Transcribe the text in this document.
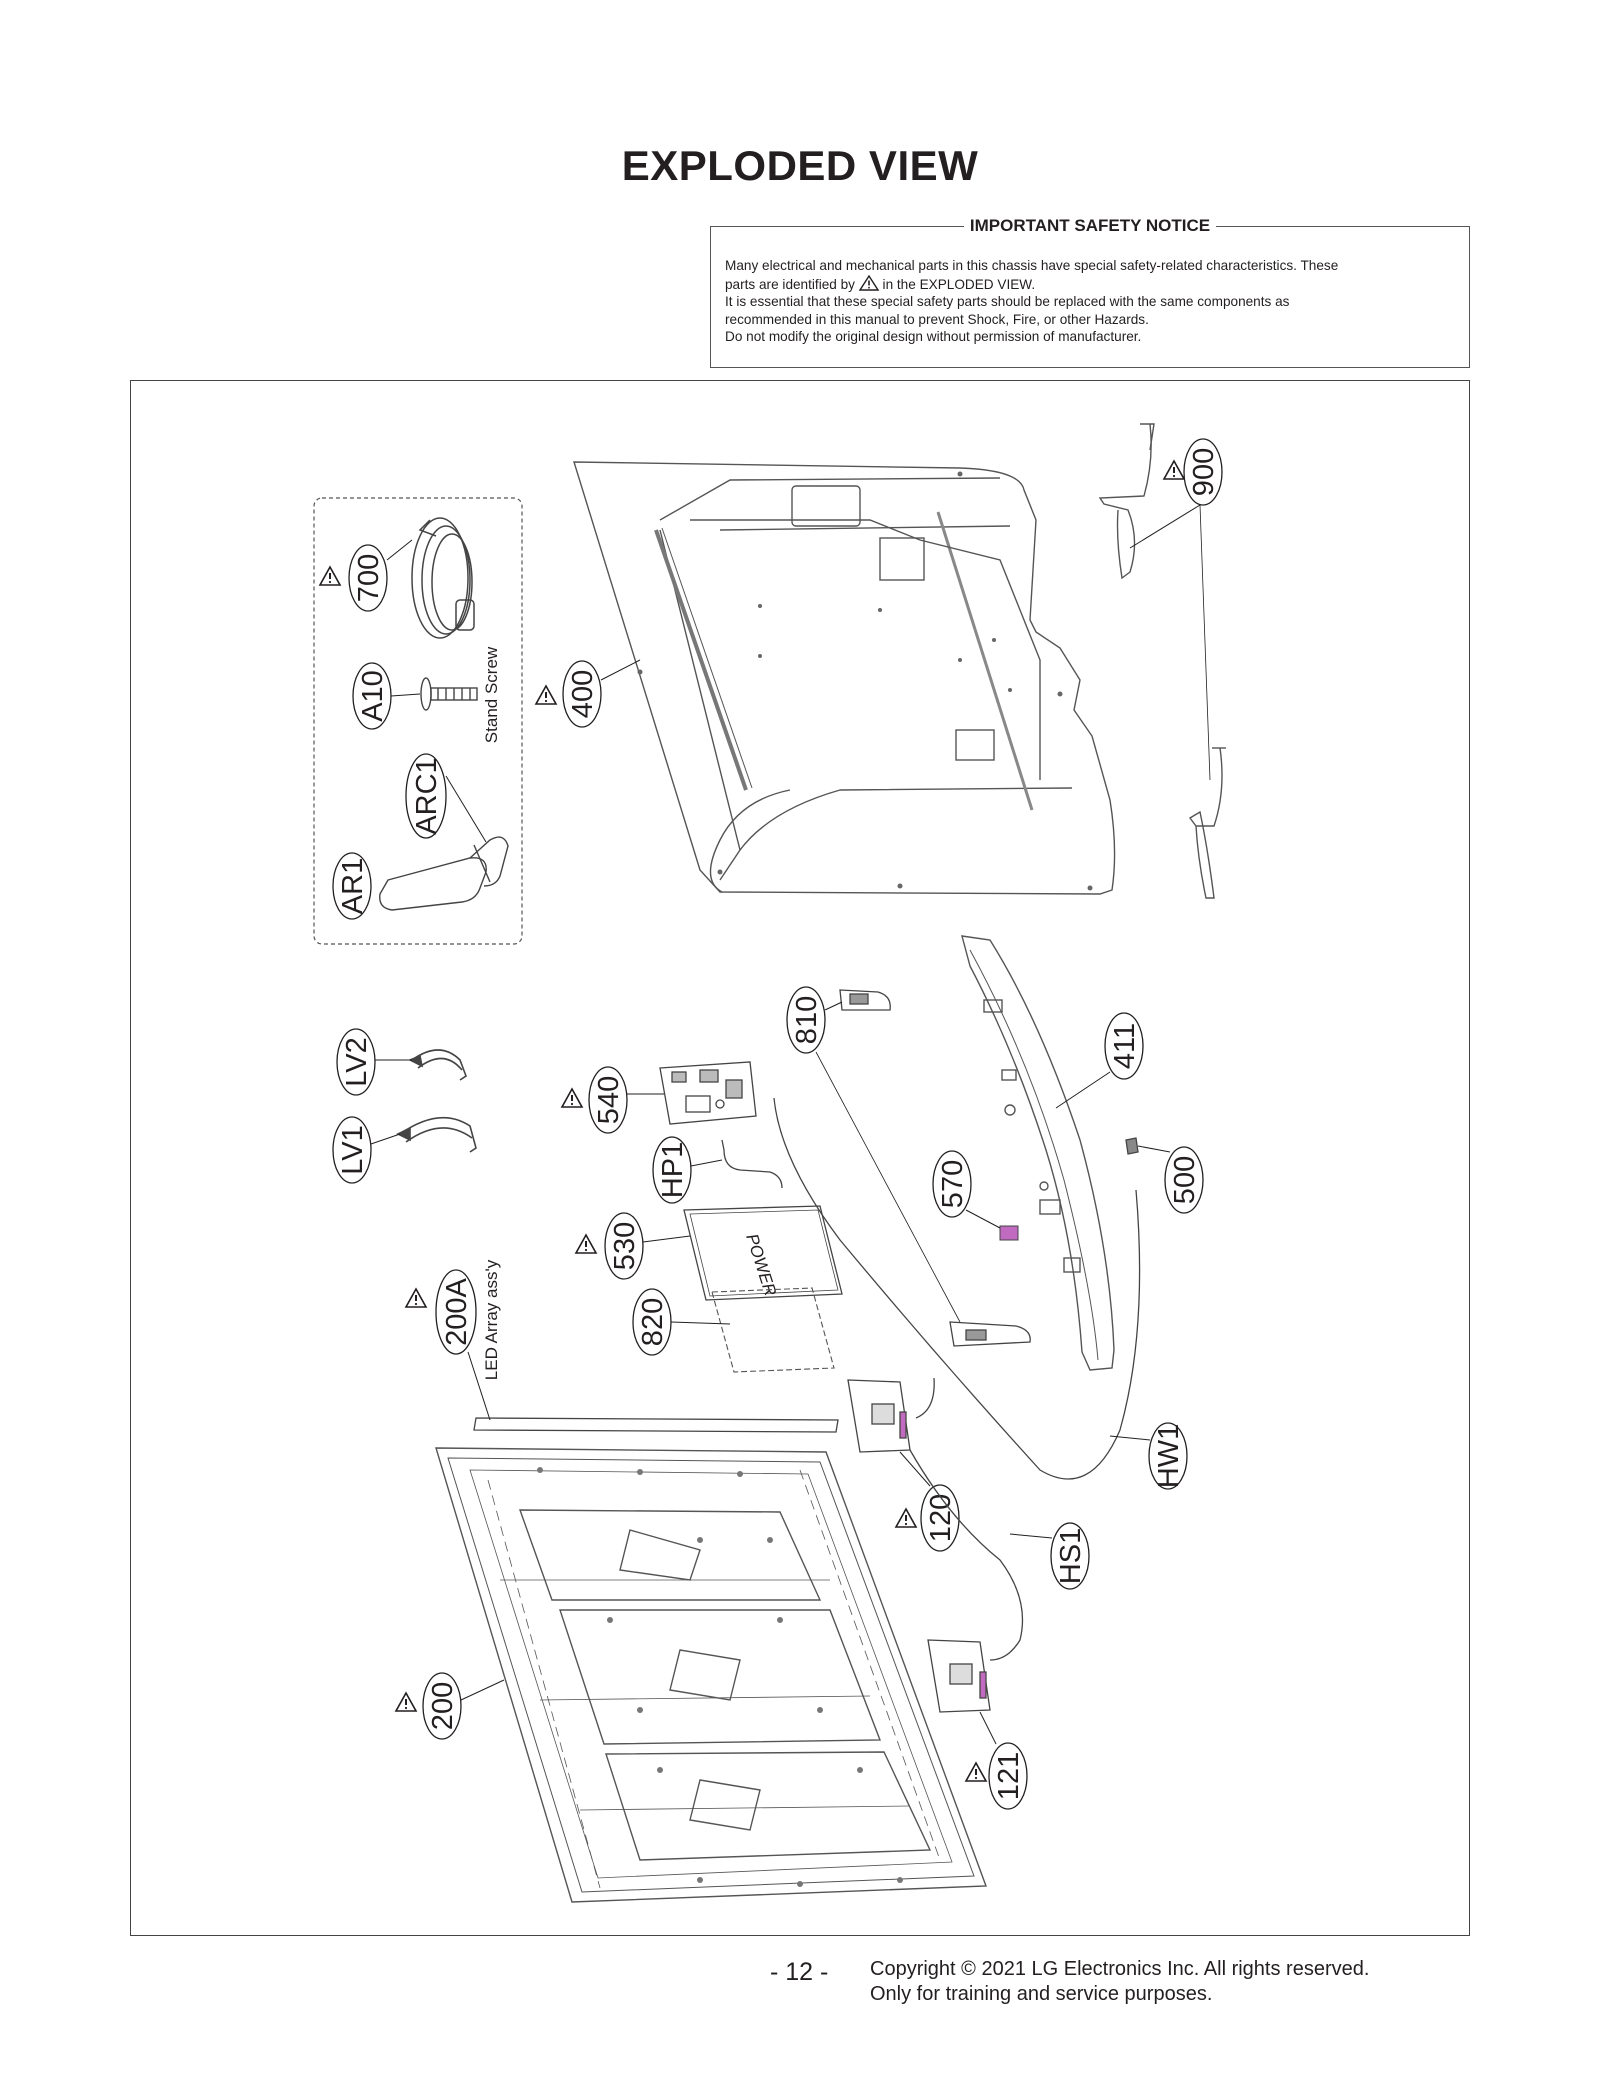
EXPLODED VIEW
IMPORTANT SAFETY NOTICE

Many electrical and mechanical parts in this chassis have special safety-related characteristics. These

parts are identified by in the EXPLODED VIEW.

It is essential that these special safety parts should be replaced with the same components as

recommended in this manual to prevent Shock, Fire, or other Hazards.

Do not modify the original design without permission of manufacturer.

700
A10	Stand Screw
ARC1
AR1
400
900
LV2
LV1
540
HP1
POWER
530
820
200A LED Array ass'y
411
810
570	500
HW1
120
HS1
121
200
- 12 - Copyright © 2021 LG Electronics Inc. All rights reserved.
Only for training and service purposes.
